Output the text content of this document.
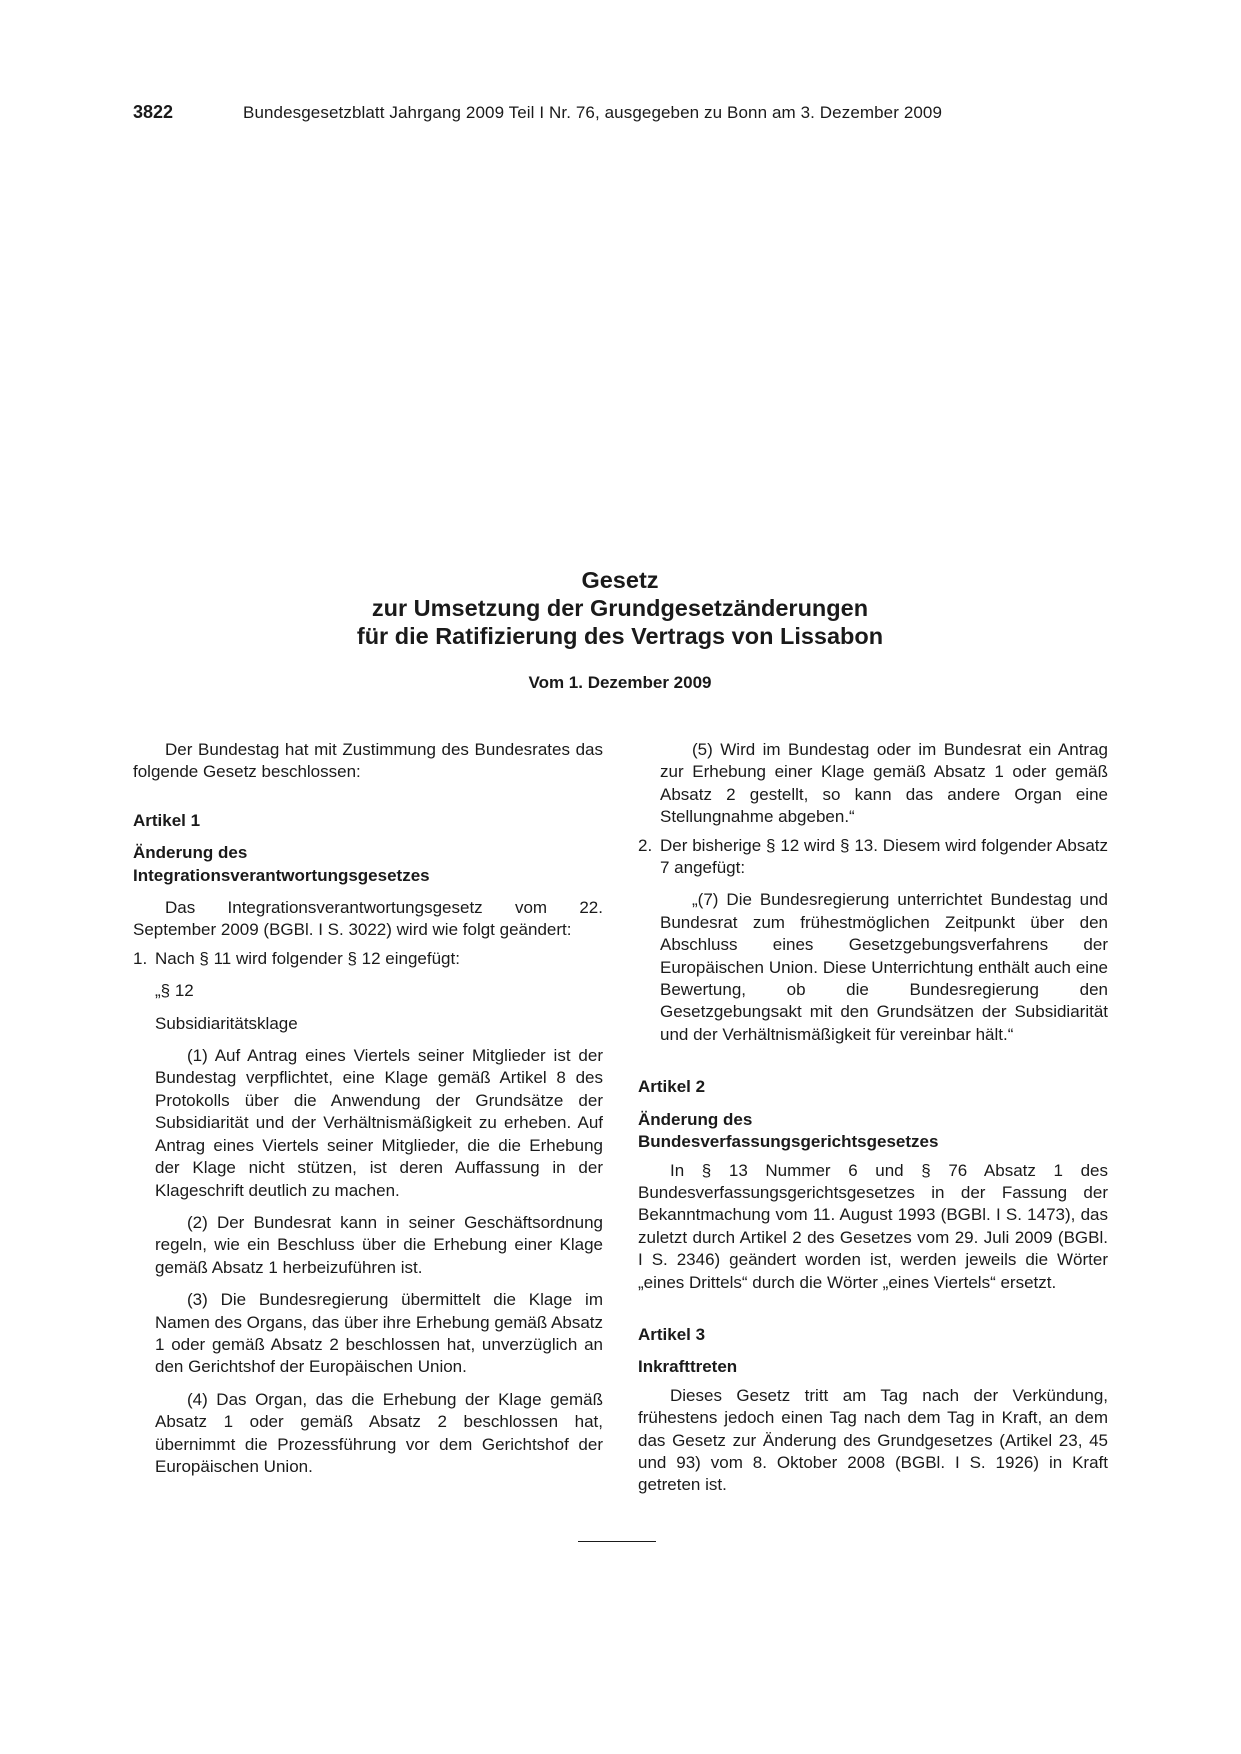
3822	Bundesgesetzblatt Jahrgang 2009 Teil I Nr. 76, ausgegeben zu Bonn am 3. Dezember 2009
Gesetz
zur Umsetzung der Grundgesetzänderungen
für die Ratifizierung des Vertrags von Lissabon
Vom 1. Dezember 2009

Der Bundestag hat mit Zustimmung des Bundesrates das folgende Gesetz beschlossen:

Artikel 1

Änderung des

Integrationsverantwortungsgesetzes

Das Integrationsverantwortungsgesetz vom 22. September 2009 (BGBl. I S. 3022) wird wie folgt geändert:

1. Nach § 11 wird folgender § 12 eingefügt:

„§ 12

Subsidiaritätsklage

(1) Auf Antrag eines Viertels seiner Mitglieder ist der Bundestag verpflichtet, eine Klage gemäß Artikel 8 des Protokolls über die Anwendung der Grundsätze der Subsidiarität und der Verhältnismäßigkeit zu erheben. Auf Antrag eines Viertels seiner Mitglieder, die die Erhebung der Klage nicht stützen, ist deren Auffassung in der Klageschrift deutlich zu machen.

(2) Der Bundesrat kann in seiner Geschäftsordnung regeln, wie ein Beschluss über die Erhebung einer Klage gemäß Absatz 1 herbeizuführen ist.

(3) Die Bundesregierung übermittelt die Klage im Namen des Organs, das über ihre Erhebung gemäß Absatz 1 oder gemäß Absatz 2 beschlossen hat, unverzüglich an den Gerichtshof der Europäischen Union.

(4) Das Organ, das die Erhebung der Klage gemäß Absatz 1 oder gemäß Absatz 2 beschlossen hat, übernimmt die Prozessführung vor dem Gerichtshof der Europäischen Union.

(5) Wird im Bundestag oder im Bundesrat ein Antrag zur Erhebung einer Klage gemäß Absatz 1 oder gemäß Absatz 2 gestellt, so kann das andere Organ eine Stellungnahme abgeben.“

2. Der bisherige § 12 wird § 13. Diesem wird folgender Absatz 7 angefügt:

„(7) Die Bundesregierung unterrichtet Bundestag und Bundesrat zum frühestmöglichen Zeitpunkt über den Abschluss eines Gesetzgebungsverfahrens der Europäischen Union. Diese Unterrichtung enthält auch eine Bewertung, ob die Bundesregierung den Gesetzgebungsakt mit den Grundsätzen der Subsidiarität und der Verhältnismäßigkeit für vereinbar hält.“

Artikel 2

Änderung des

Bundesverfassungsgerichtsgesetzes

In § 13 Nummer 6 und § 76 Absatz 1 des Bundesverfassungsgerichtsgesetzes in der Fassung der Bekanntmachung vom 11. August 1993 (BGBl. I S. 1473), das zuletzt durch Artikel 2 des Gesetzes vom 29. Juli 2009 (BGBl. I S. 2346) geändert worden ist, werden jeweils die Wörter „eines Drittels“ durch die Wörter „eines Viertels“ ersetzt.

Artikel 3

Inkrafttreten

Dieses Gesetz tritt am Tag nach der Verkündung, frühestens jedoch einen Tag nach dem Tag in Kraft, an dem das Gesetz zur Änderung des Grundgesetzes (Artikel 23, 45 und 93) vom 8. Oktober 2008 (BGBl. I S. 1926) in Kraft getreten ist.
